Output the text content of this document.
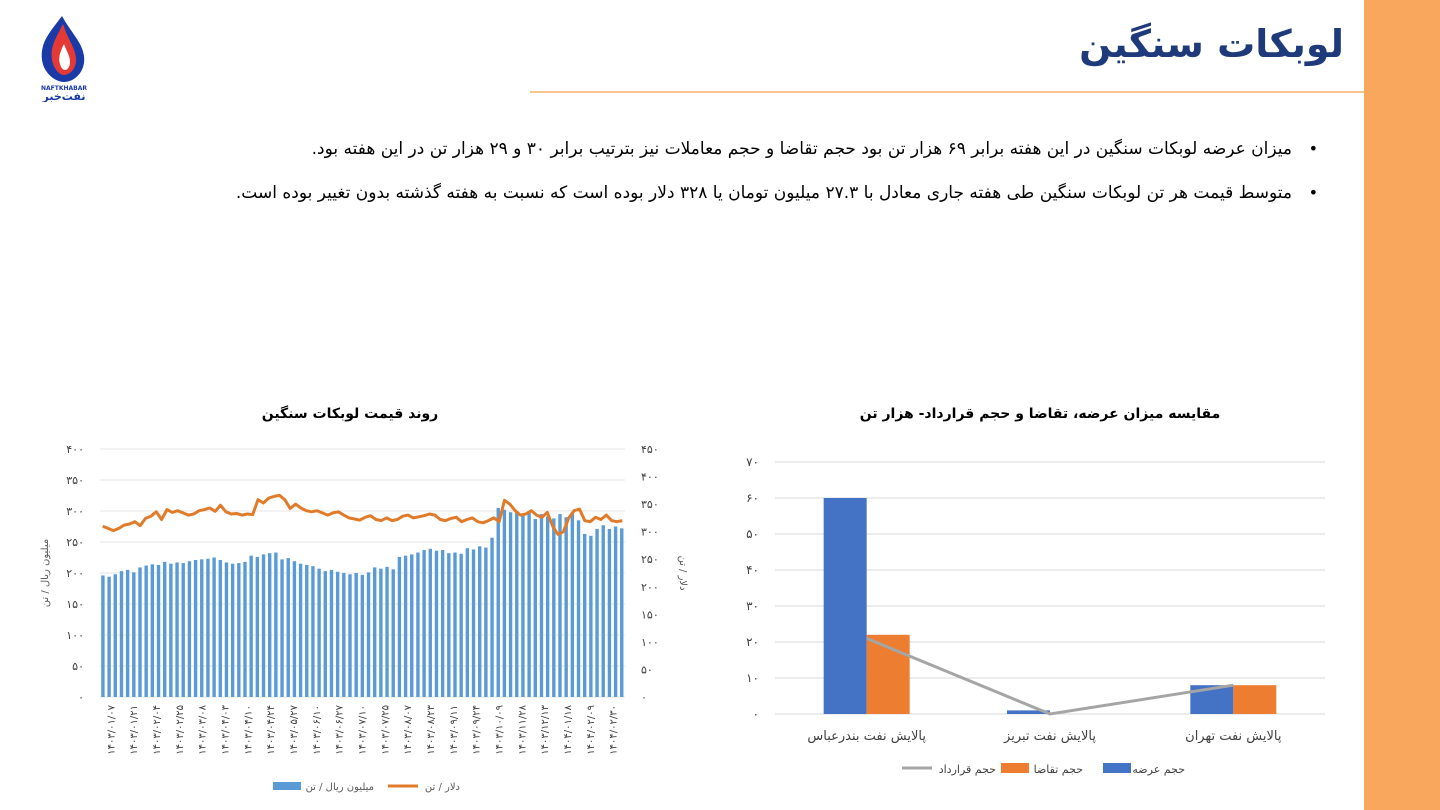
NAFTKHABAR
نفت‌خبر
لوبکات سنگین
•
میزان عرضه لوبکات سنگین در این هفته برابر ۶۹ هزار تن بود حجم تقاضا و حجم معاملات نیز بترتیب برابر ۳۰ و ۲۹ هزار تن در این هفته بود.
•
متوسط قیمت هر تن لوبکات سنگین طی هفته جاری معادل با ۲۷.۳ میلیون تومان یا ۳۲۸ دلار بوده است که نسبت به هفته گذشته بدون تغییر بوده است.
مقایسه میزان عرضه، تقاضا و حجم قرارداد- هزار تن
۰
۱۰
۲۰
۳۰
۴۰
۵۰
۶۰
۷۰
پالایش نفت بندرعباس	پالایش نفت تبریز	پالایش نفت تهران
حجم عرضه
حجم تقاضا
حجم قرارداد
روند قیمت لوبکات سنگین
۰
۵۰
۱۰۰
۱۵۰
۲۰۰
۲۵۰
۳۰۰
۳۵۰
۴۰۰
۰
۵۰
۱۰۰
۱۵۰
۲۰۰
۲۵۰
۳۰۰
۳۵۰
۴۰۰
۴۵۰
میلیون ریال / تن	دلار / تن
۱۴۰۳/۰۱/۰۷ ۱۴۰۳/۰۱/۲۱ ۱۴۰۳/۰۲/۰۴ ۱۴۰۳/۰۲/۲۵ ۱۴۰۳/۰۳/۰۸ ۱۴۰۳/۰۴/۰۳ ۱۴۰۳/۰۴/۱۰ ۱۴۰۳/۰۴/۲۴ ۱۴۰۳/۰۵/۲۷ ۱۴۰۳/۰۶/۱۰ ۱۴۰۳/۰۶/۲۷ ۱۴۰۳/۰۷/۱۰ ۱۴۰۳/۰۷/۲۵ ۱۴۰۳/۰۸/۰۷ ۱۴۰۳/۰۸/۲۳ ۱۴۰۳/۰۹/۱۱ ۱۴۰۳/۰۹/۲۴ ۱۴۰۳/۱۰/۰۹ ۱۴۰۳/۱۱/۲۸ ۱۴۰۳/۱۲/۱۳ ۱۴۰۴/۰۱/۱۸ ۱۴۰۴/۰۲/۰۹ ۱۴۰۴/۰۲/۳۰
میلیون ریال / تن	دلار / تن
